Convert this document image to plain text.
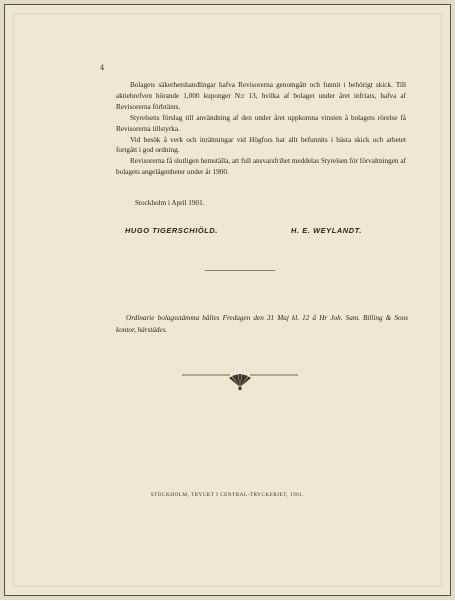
4

Bolagets säkerhetshandlingar hafva Revisorerna genomgått och funnit i behörigt skick. Till aktiebrefven hörande 1,000 kuponger N:r 13, hvilka af bolaget under året infriats, hafva af Revisorerna förbränts.

Styrelsens förslag till användning af den under året uppkomna vinsten å bolagets rörelse få Revisorerna tillstyrka.

Vid besök å verk och inrättningar vid Högfors har allt befunnits i bästa skick och arbetet fortgått i god ordning.

Revisorerna få slutligen hemställa, att full ansvarsfrihet meddelas Styrelsen för förvaltningen af bolagets angelägenheter under år 1900.

Stockholm i April 1901.
HUGO TIGERSCHIÖLD.	H. E. WEYLANDT.
Ordinarie bolagsstämma hålles Fredagen den 31 Maj kl. 12 å Hr Joh. Sam. Billing & Sons kontor, härstädes.
STOCKHOLM, TRYCKT I CENTRAL-TRYCKERIET, 1901.
